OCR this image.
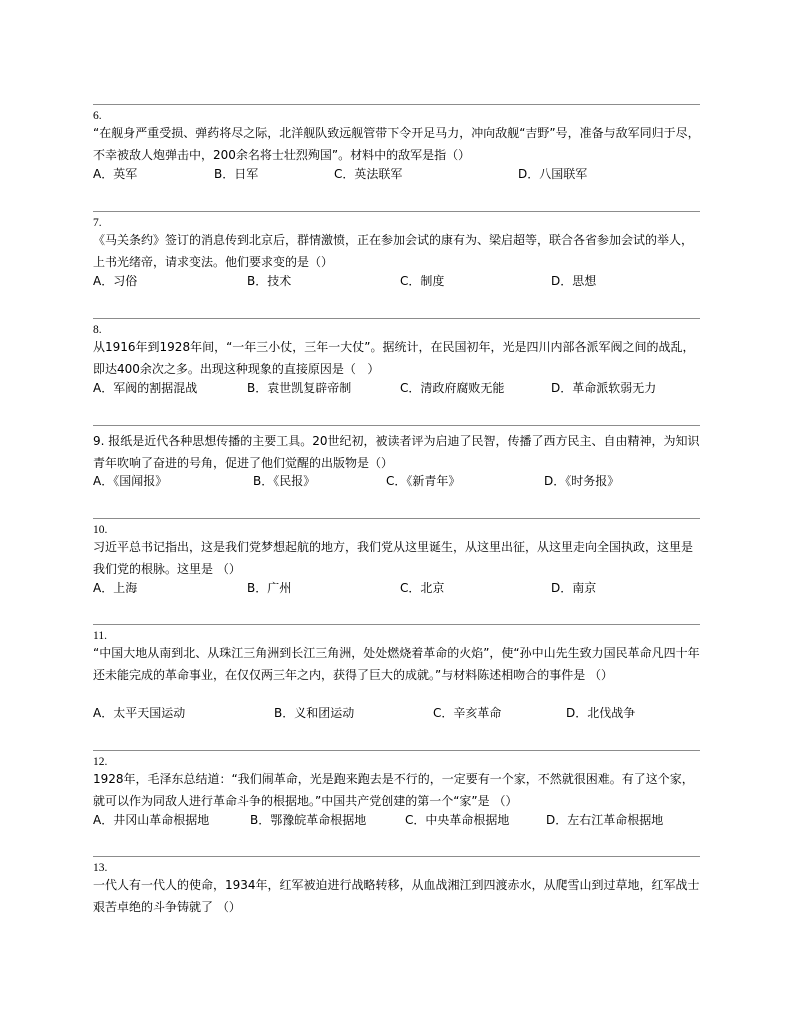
6.
“在舰身严重受损、弹药将尽之际，北洋舰队致远舰管带下令开足马力，冲向敌舰“吉野”号，准备与敌军同归于尽，不幸被敌人炮弹击中，200余名将士壮烈殉国”。材料中的敌军是指（）
A．英军	B．日军	C．英法联军	D．八国联军
7.
《马关条约》签订的消息传到北京后，群情激愤，正在参加会试的康有为、梁启超等，联合各省参加会试的举人，上书光绪帝，请求变法。他们要求变的是（）
A．习俗	B．技术	C．制度	D．思想
8.
从1916年到1928年间，“一年三小仗，三年一大仗”。据统计，在民国初年，光是四川内部各派军阀之间的战乱，即达400余次之多。出现这种现象的直接原因是（   ）
A．军阀的割据混战	B．袁世凯复辟帝制	C．清政府腐败无能	D．革命派软弱无力
9. 报纸是近代各种思想传播的主要工具。20世纪初，被读者评为启迪了民智，传播了西方民主、自由精神，为知识青年吹响了奋进的号角，促进了他们觉醒的出版物是（）
A．《国闻报》	B．《民报》	C．《新青年》	D．《时务报》
10.
习近平总书记指出，这是我们党梦想起航的地方，我们党从这里诞生，从这里出征，从这里走向全国执政，这里是我们党的根脉。这里是 （）
A．上海	B．广州	C．北京	D．南京
11.
“中国大地从南到北、从珠江三角洲到长江三角洲，处处燃烧着革命的火焰”，使“孙中山先生致力国民革命凡四十年还未能完成的革命事业，在仅仅两三年之内，获得了巨大的成就。”与材料陈述相吻合的事件是 （）
A．太平天国运动	B．义和团运动	C．辛亥革命	D．北伐战争
12.
1928年，毛泽东总结道：“我们闹革命，光是跑来跑去是不行的，一定要有一个家，不然就很困难。有了这个家，就可以作为同敌人进行革命斗争的根据地。”中国共产党创建的第一个“家”是 （）
A．井冈山革命根据地	B．鄂豫皖革命根据地	C．中央革命根据地	D．左右江革命根据地
13.
一代人有一代人的使命，1934年，红军被迫进行战略转移，从血战湘江到四渡赤水，从爬雪山到过草地，红军战士艰苦卓绝的斗争铸就了 （）
